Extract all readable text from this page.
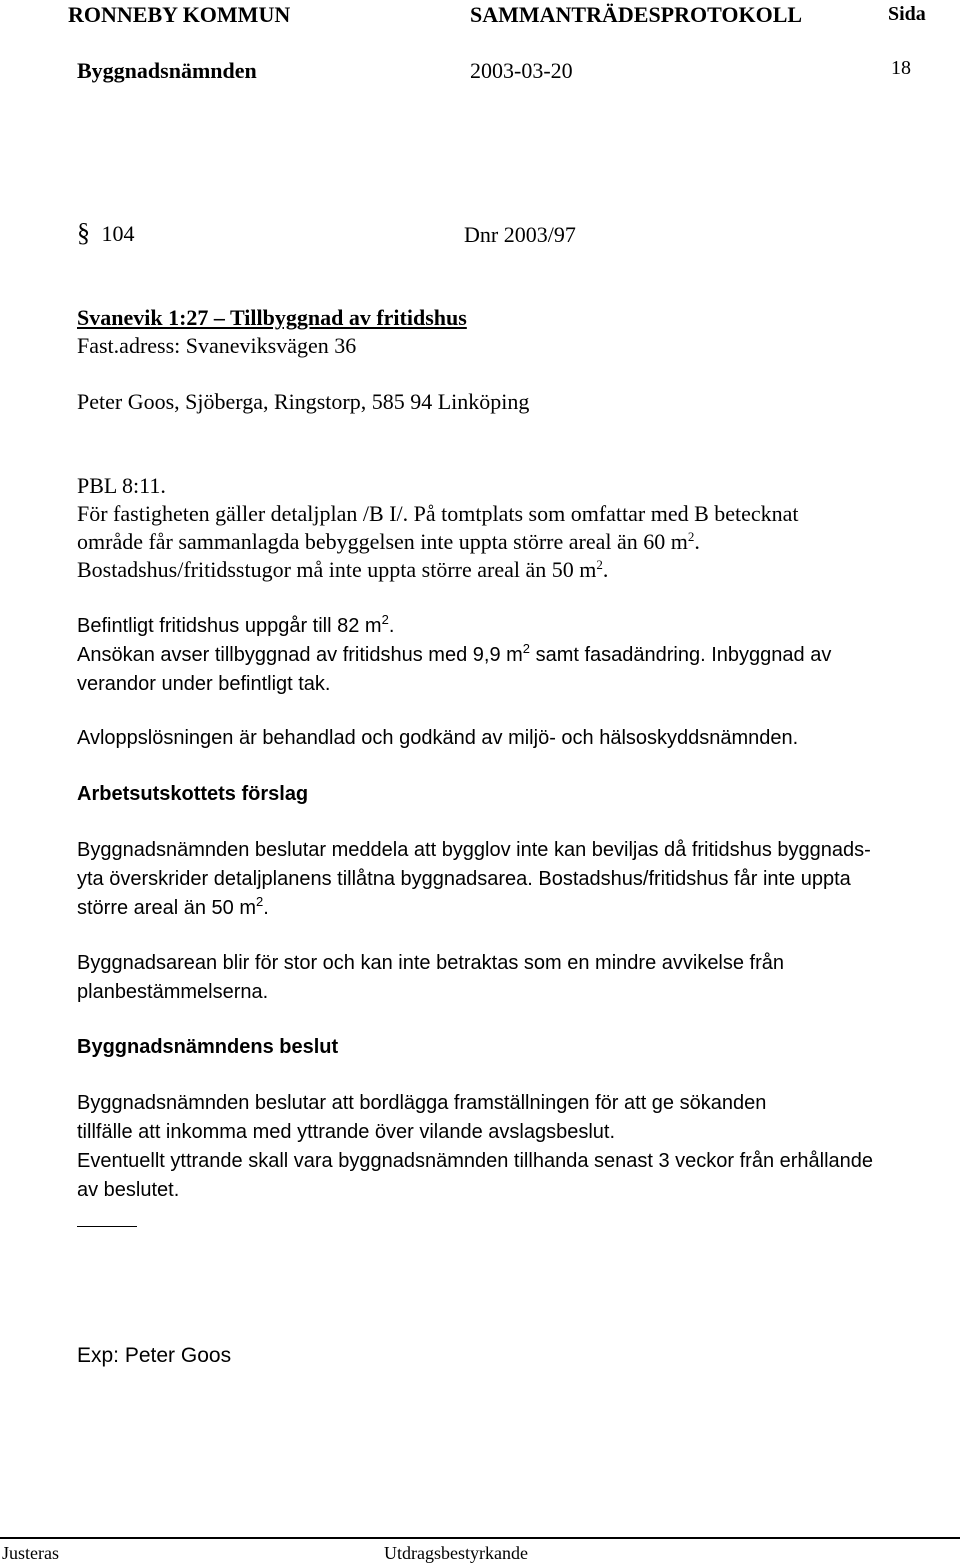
RONNEBY KOMMUN	SAMMANTRÄDESPROTOKOLL	Sida
Byggnadsnämnden	2003-03-20	18
§ 104	Dnr 2003/97
Svanevik 1:27 – Tillbyggnad av fritidshus
Fast.adress: Svaneviksvägen 36
Peter Goos, Sjöberga, Ringstorp, 585 94 Linköping
PBL 8:11.
För fastigheten gäller detaljplan /B I/. På tomtplats som omfattar med B betecknat
område får sammanlagda bebyggelsen inte uppta större areal än 60 $m^2$.
Bostadshus/fritidsstugor må inte uppta större areal än 50 $m^2$.
Befintligt fritidshus uppgår till 82 $m^2$.
Ansökan avser tillbyggnad av fritidshus med 9,9 $m^2$ samt fasadändring. Inbyggnad av
verandor under befintligt tak.
Avloppslösningen är behandlad och godkänd av miljö- och hälsoskyddsnämnden.
Arbetsutskottets förslag
Byggnadsnämnden beslutar meddela att bygglov inte kan beviljas då fritidshus byggnads-
yta överskrider detaljplanens tillåtna byggnadsarea. Bostadshus/fritidshus får inte uppta
större areal än 50 $m^2$.
Byggnadsarean blir för stor och kan inte betraktas som en mindre avvikelse från
planbestämmelserna.
Byggnadsnämndens beslut
Byggnadsnämnden beslutar att bordlägga framställningen för att ge sökanden
tillfälle att inkomma med yttrande över vilande avslagsbeslut.
Eventuellt yttrande skall vara byggnadsnämnden tillhanda senast 3 veckor från erhållande
av beslutet.
Exp: Peter Goos
Justeras	Utdragsbestyrkande
